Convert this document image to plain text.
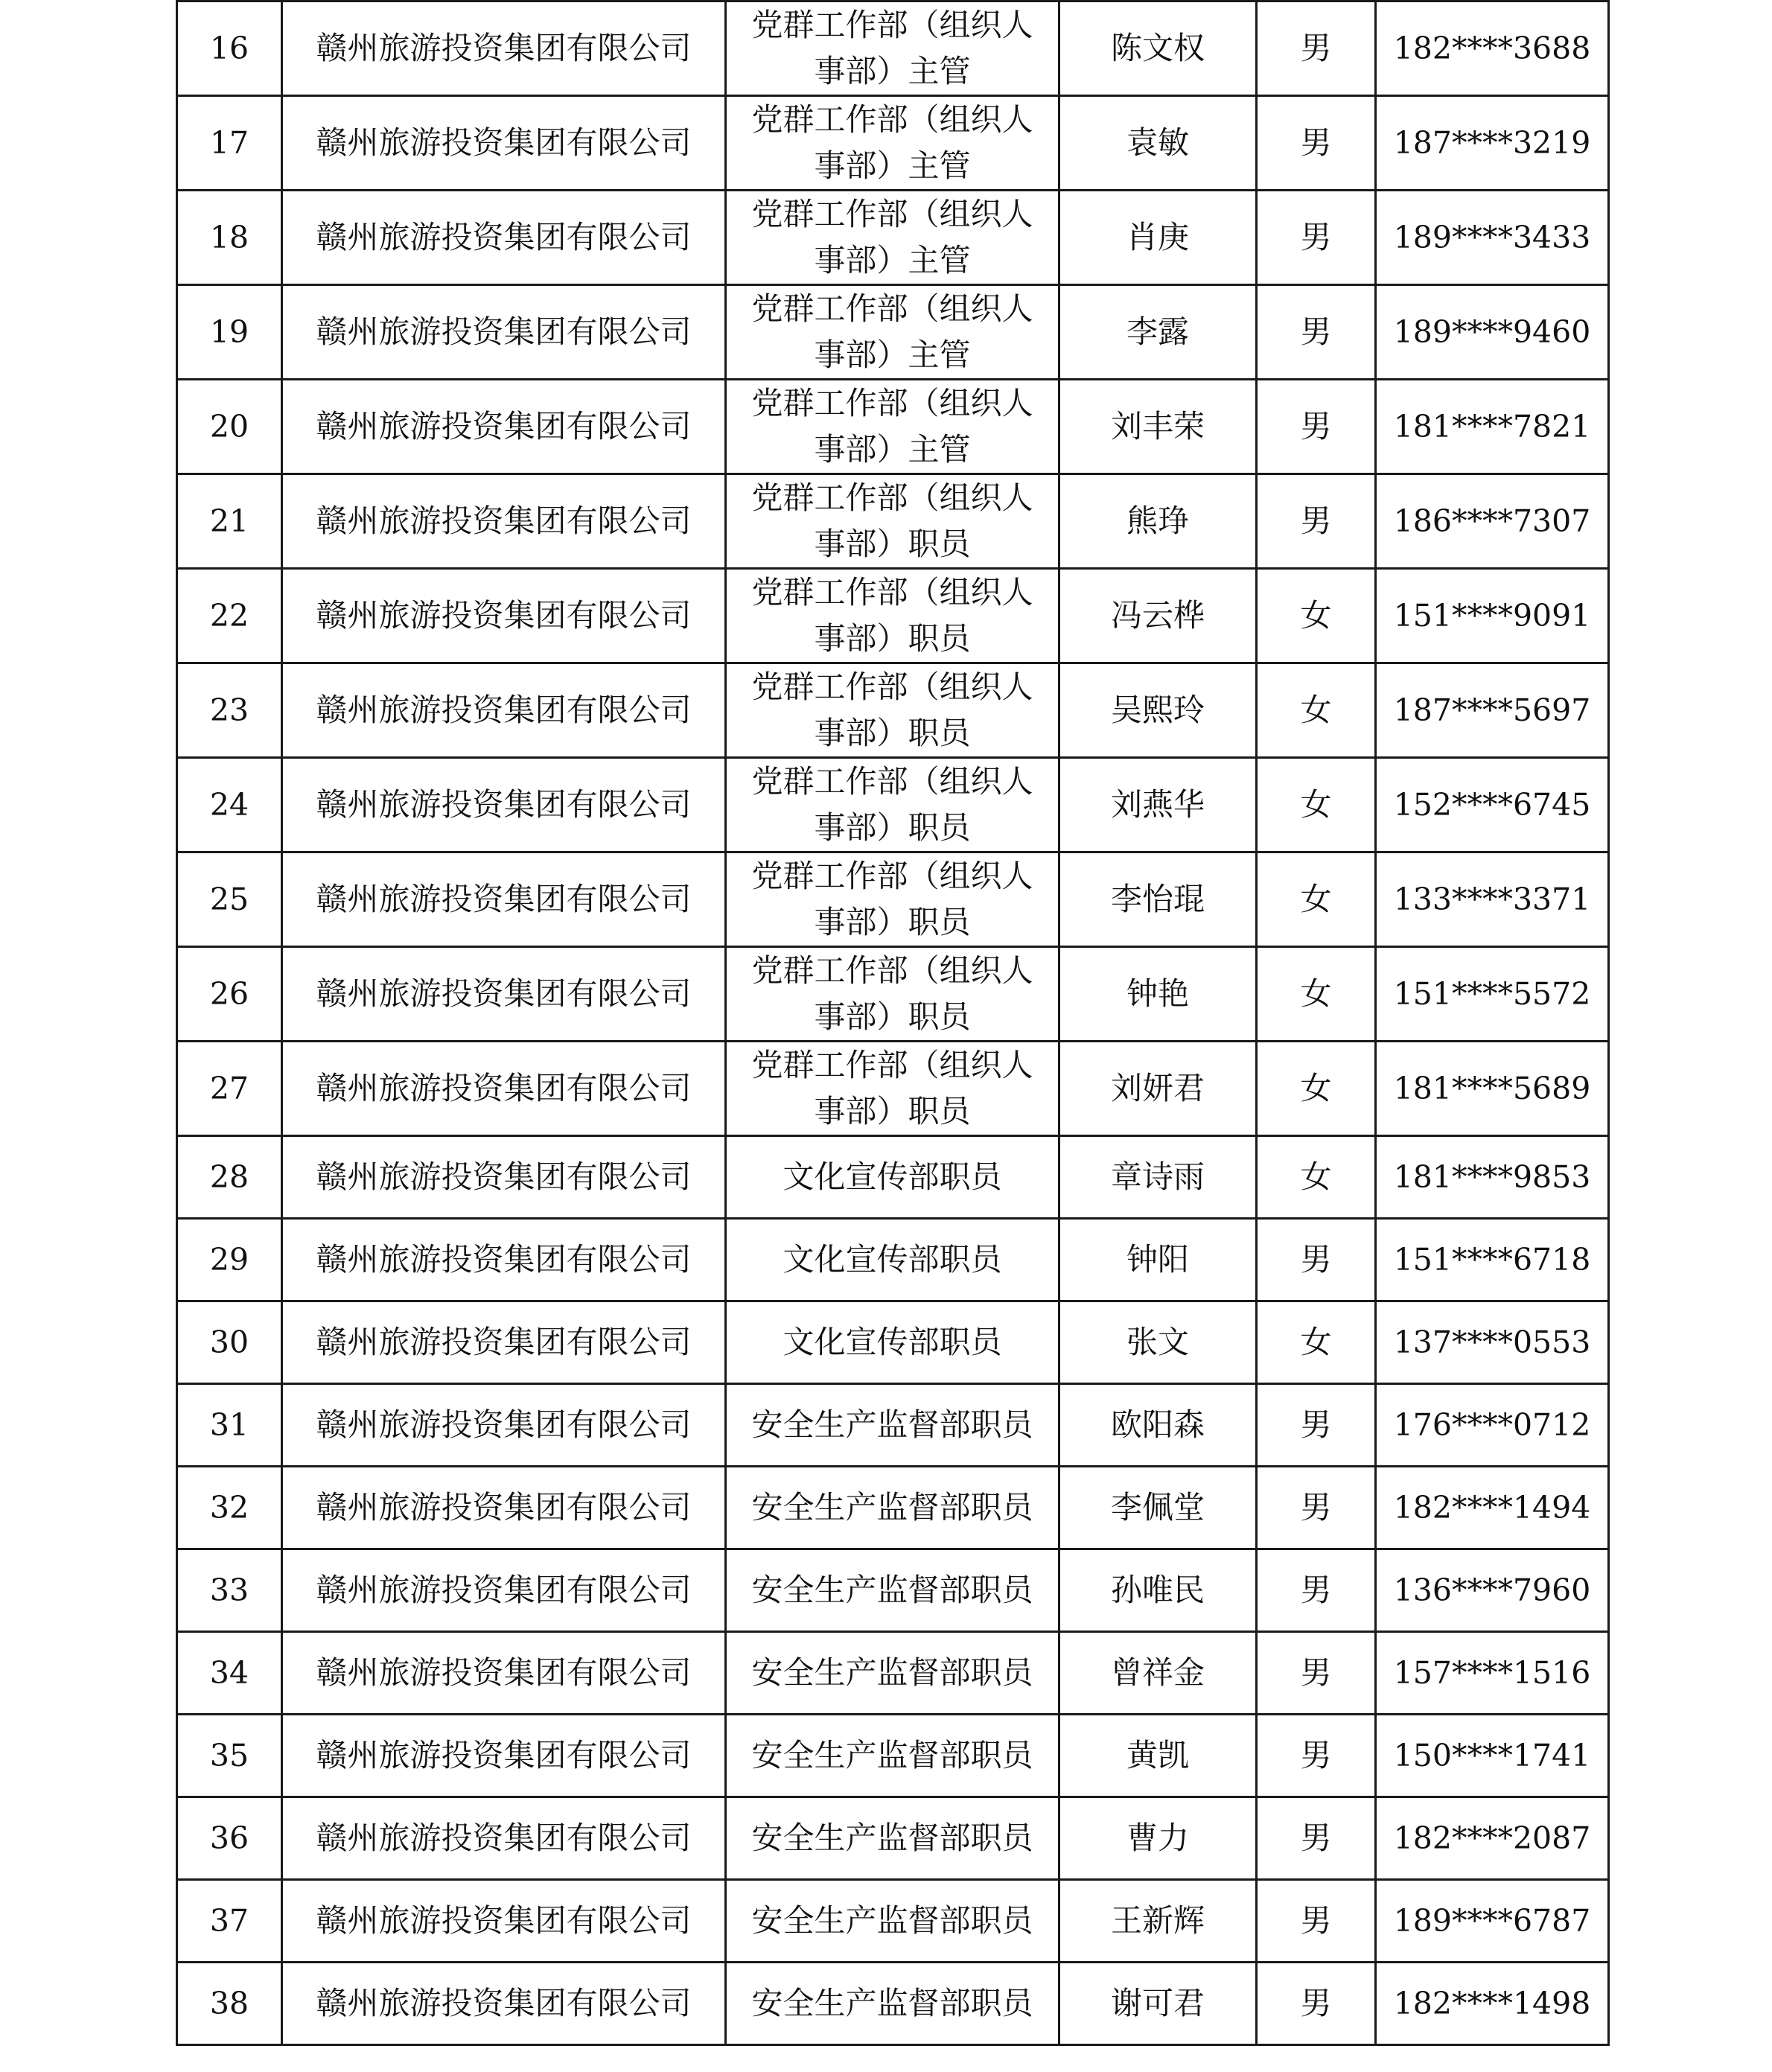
16	赣州旅游投资集团有限公司	党群工作部（组织人事部）主管	陈文权	男	182****3688
17	赣州旅游投资集团有限公司	党群工作部（组织人事部）主管	袁敏	男	187****3219
18	赣州旅游投资集团有限公司	党群工作部（组织人事部）主管	肖庚	男	189****3433
19	赣州旅游投资集团有限公司	党群工作部（组织人事部）主管	李露	男	189****9460
20	赣州旅游投资集团有限公司	党群工作部（组织人事部）主管	刘丰荣	男	181****7821
21	赣州旅游投资集团有限公司	党群工作部（组织人事部）职员	熊琤	男	186****7307
22	赣州旅游投资集团有限公司	党群工作部（组织人事部）职员	冯云桦	女	151****9091
23	赣州旅游投资集团有限公司	党群工作部（组织人事部）职员	吴熙玲	女	187****5697
24	赣州旅游投资集团有限公司	党群工作部（组织人事部）职员	刘燕华	女	152****6745
25	赣州旅游投资集团有限公司	党群工作部（组织人事部）职员	李怡琨	女	133****3371
26	赣州旅游投资集团有限公司	党群工作部（组织人事部）职员	钟艳	女	151****5572
27	赣州旅游投资集团有限公司	党群工作部（组织人事部）职员	刘妍君	女	181****5689
28	赣州旅游投资集团有限公司	文化宣传部职员	章诗雨	女	181****9853
29	赣州旅游投资集团有限公司	文化宣传部职员	钟阳	男	151****6718
30	赣州旅游投资集团有限公司	文化宣传部职员	张文	女	137****0553
31	赣州旅游投资集团有限公司	安全生产监督部职员	欧阳森	男	176****0712
32	赣州旅游投资集团有限公司	安全生产监督部职员	李佩堂	男	182****1494
33	赣州旅游投资集团有限公司	安全生产监督部职员	孙唯民	男	136****7960
34	赣州旅游投资集团有限公司	安全生产监督部职员	曾祥金	男	157****1516
35	赣州旅游投资集团有限公司	安全生产监督部职员	黄凯	男	150****1741
36	赣州旅游投资集团有限公司	安全生产监督部职员	曹力	男	182****2087
37	赣州旅游投资集团有限公司	安全生产监督部职员	王新辉	男	189****6787
38	赣州旅游投资集团有限公司	安全生产监督部职员	谢可君	男	182****1498
